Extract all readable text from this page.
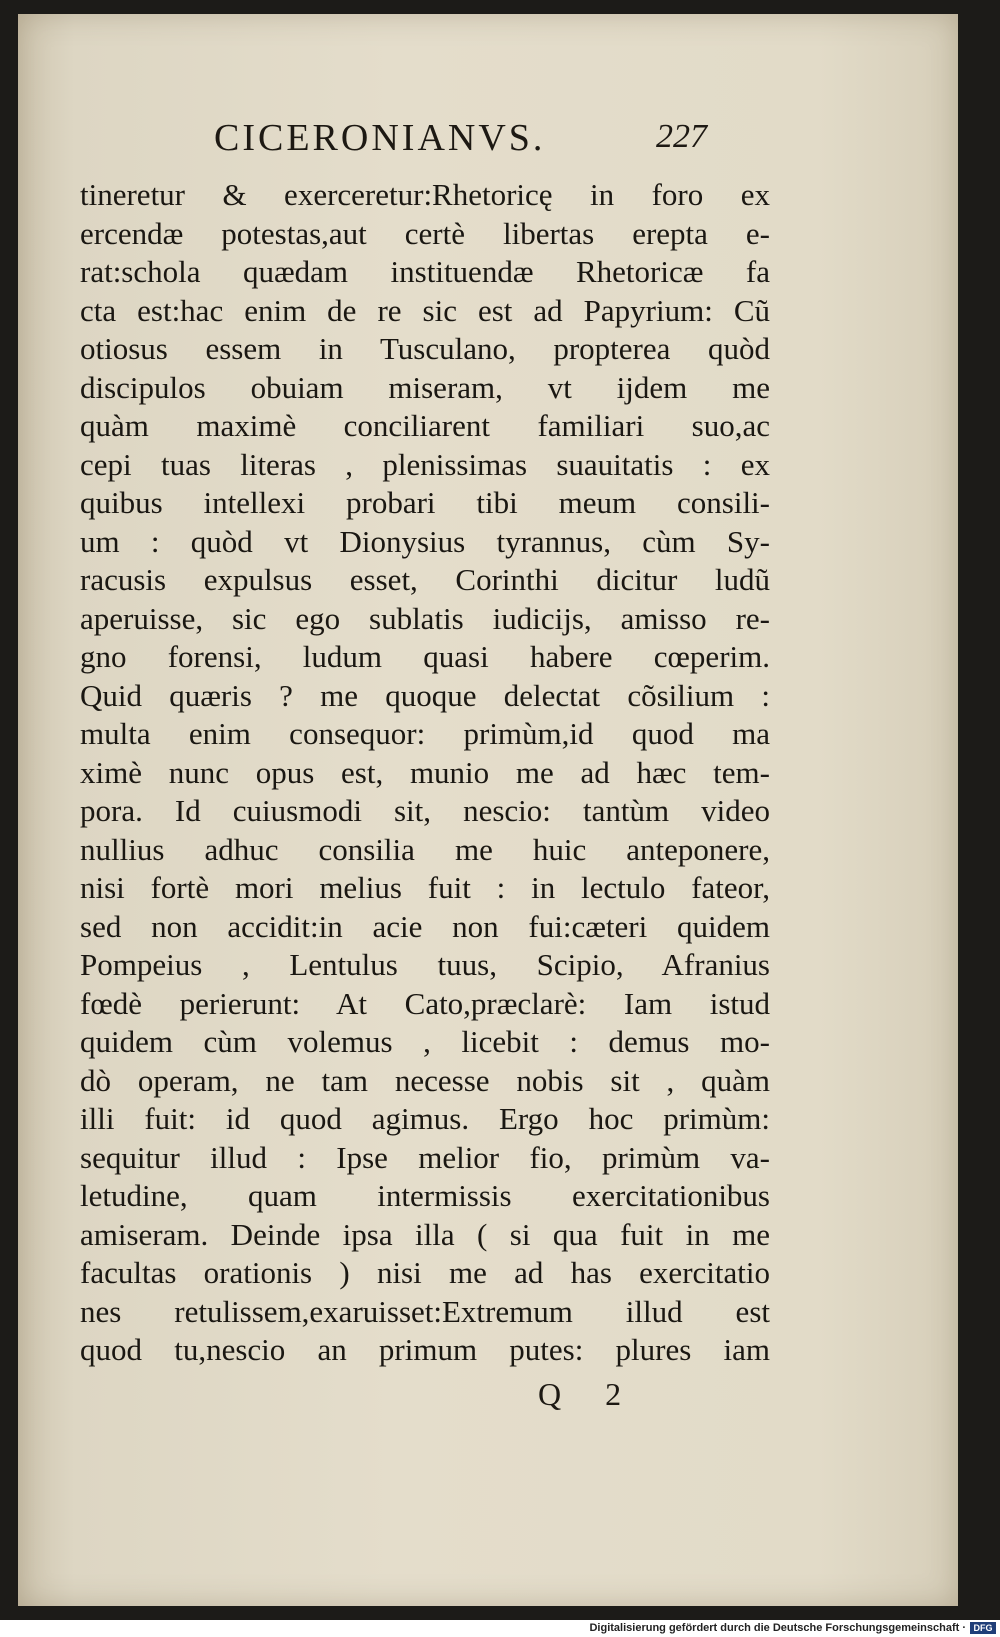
CICERONIANVS.	227
tineretur & exerceretur:Rhetoricę in foro ex
ercendæ potestas,aut certè libertas erepta e-
rat:schola quædam instituendæ Rhetoricæ fa
cta est:hac enim de re sic est ad Papyrium: Cũ
otiosus essem in Tusculano, propterea quòd
discipulos obuiam miseram, vt ijdem me
quàm maximè conciliarent familiari suo,ac
cepi tuas literas , plenissimas suauitatis : ex
quibus intellexi probari tibi meum consili-
um : quòd vt Dionysius tyrannus, cùm Sy-
racusis expulsus esset, Corinthi dicitur ludũ
aperuisse, sic ego sublatis iudicijs, amisso re-
gno forensi, ludum quasi habere cœperim.
Quid quæris ? me quoque delectat cõsilium :
multa enim consequor: primùm,id quod ma
ximè nunc opus est, munio me ad hæc tem-
pora. Id cuiusmodi sit, nescio: tantùm video
nullius adhuc consilia me huic anteponere,
nisi fortè mori melius fuit : in lectulo fateor,
sed non accidit:in acie non fui:cæteri quidem
Pompeius , Lentulus tuus, Scipio, Afranius
fœdè perierunt: At Cato,præclarè: Iam istud
quidem cùm volemus , licebit : demus mo-
dò operam, ne tam necesse nobis sit , quàm
illi fuit: id quod agimus. Ergo hoc primùm:
sequitur illud : Ipse melior fio, primùm va-
letudine, quam intermissis exercitationibus
amiseram. Deinde ipsa illa ( si qua fuit in me
facultas orationis ) nisi me ad has exercitatio
nes retulissem,exaruisset:Extremum illud est
quod tu,nescio an primum putes: plures iam
Q 2
Digitalisierung gefördert durch die Deutsche Forschungsgemeinschaft · DFG
